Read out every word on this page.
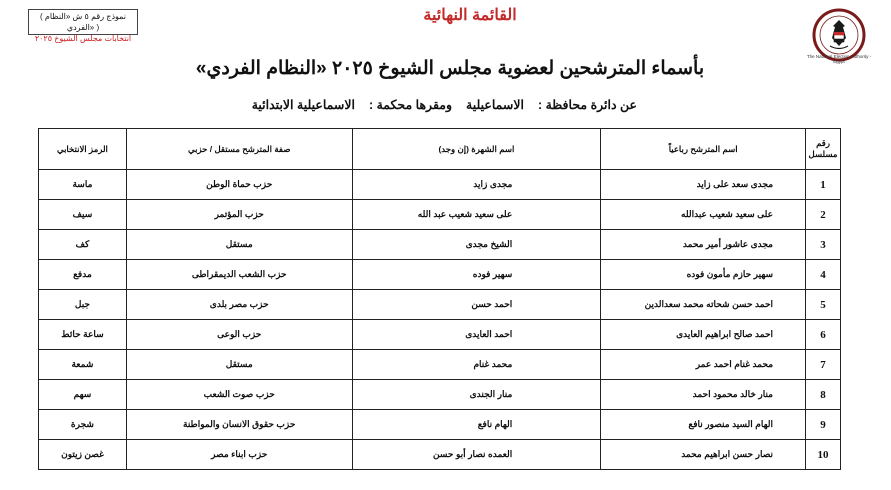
The National Election Authority - Egypt
( نموذج رقم ٥ ش «النظام الفردي» )
انتخابات مجلس الشيوخ ٢٠٢٥
القائمة النهائية
بأسماء المترشحين لعضوية مجلس الشيوخ ٢٠٢٥ «النظام الفردي»
عن دائرة محافظة :
الاسماعيلية
ومقرها محكمة :
الاسماعيلية الابتدائية
رقم مسلسل	اسم المترشح رباعياً	اسم الشهرة (إن وجد)	صفة المترشح مستقل / حزبي	الرمز الانتخابي
1	مجدى سعد على زايد	مجدى زايد	حزب حماة الوطن	ماسة
2	على سعيد شعيب عبدالله	على سعيد شعيب عبد الله	حزب المؤتمر	سيف
3	مجدى عاشور أمير محمد	الشيخ مجدى	مستقل	كف
4	سهير حازم مأمون فوده	سهير فوده	حزب الشعب الديمقراطى	مدفع
5	احمد حسن شحاته محمد سعدالدين	احمد حسن	حزب مصر بلدى	جبل
6	احمد صالح ابراهيم العايدى	احمد العايدى	حزب الوعى	ساعة حائط
7	محمد غنام احمد عمر	محمد غنام	مستقل	شمعة
8	منار خالد محمود احمد	منار الجندى	حزب صوت الشعب	سهم
9	الهام السيد منصور نافع	الهام نافع	حزب حقوق الانسان والمواطنة	شجرة
10	نصار حسن ابراهيم محمد	العمده نصار أبو حسن	حزب ابناء مصر	غصن زيتون
